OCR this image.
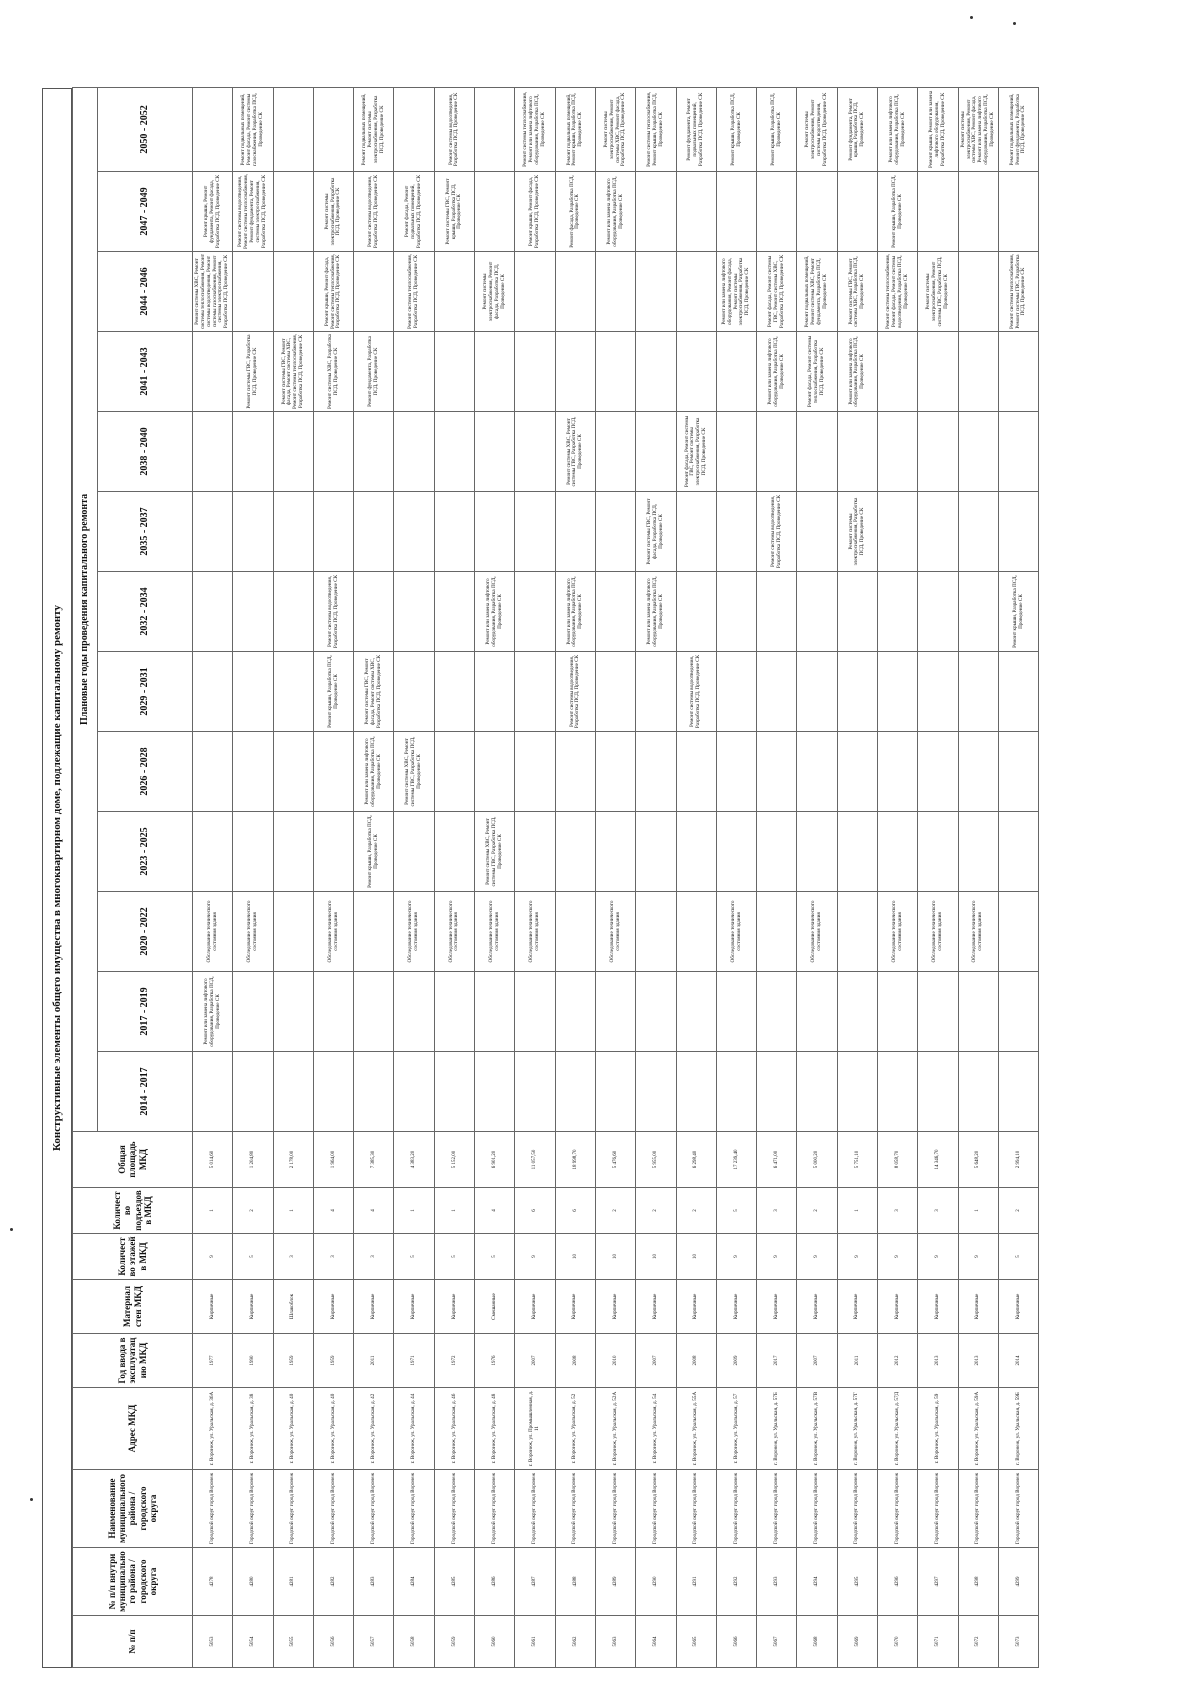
Конструктивные элементы общего имущества в многоквартирном доме, подлежащие капитальному ремонту
№ п/п	№ п/п внутри муниципального района / городского округа	Наименование муниципального района / городского округа	Адрес МКД	Год ввода в эксплуатацию МКД	Материал стен МКД	Количество этажей в МКД	Количество подъездов в МКД	Общая площадь МКД	Плановые годы проведения капитального ремонта												
									2014 - 2017	2017 - 2019	2020 - 2022	2023 - 2025	2026 - 2028	2029 - 2031	2032 - 2034	2035 - 2037	2038 - 2040	2041 - 2043	2044 - 2046	2047 - 2049	2050 - 2052
5053	4278	Городской округ город Воронеж	г. Воронеж, ул. Уральская, д. 36А	1977	Кирпичные	9	1	5 014,60		Ремонт или замена лифтового оборудования, Разработка ПСД, Проведение СК	Обследование технического состояния здания								Ремонт системы ХВС, Ремонт системы теплоснабжения, Ремонт системы водоотведения, Ремонт системы газоснабжения, Ремонт системы электроснабжения, Разработка ПСД, Проведение СК	Ремонт крыши, Ремонт фундамента, Ремонт фасада, Разработка ПСД, Проведение СК	
5054	4280	Городской округ город Воронеж	г. Воронеж, ул. Уральская, д. 38	1990	Кирпичные	5	2	1 204,80			Обследование технического состояния здания							Ремонт системы ГВС, Разработка ПСД, Проведение СК		Ремонт системы водоотведения, Ремонт системы теплоснабжения, Ремонт фундамента, Ремонт системы электроснабжения, Разработка ПСД, Проведение СК	Ремонт подвальных помещений, Ремонт фасада, Ремонт системы газоснабжения, Разработка ПСД, Проведение СК
5055	4281	Городской округ город Воронеж	г. Воронеж, ул. Уральская, д. 40	1959	Шлакоблок	3	1	2 178,00										Ремонт системы ГВС, Ремонт фасада, Ремонт системы ХВС, Ремонт системы теплоснабжения, Разработка ПСД, Проведение СК			
5056	4282	Городской округ город Воронеж	г. Воронеж, ул. Уральская, д. 40	1959	Кирпичные	3	4	1 964,00			Обследование технического состояния здания			Ремонт крыши, Разработка ПСД, Проведение СК	Ремонт системы водоотведения, Разработка ПСД, Проведение СК			Ремонт системы ХВС, Разработка ПСД, Проведение СК	Ремонт крыши, Ремонт фасада, Ремонт системы теплоснабжения, Разработка ПСД, Проведение СК	Ремонт системы электроснабжения, Разработка ПСД, Проведение СК	
5057	4283	Городской округ город Воронеж	г. Воронеж, ул. Уральская, д. 42	2011	Кирпичные	3	4	7 385,30				Ремонт крыши, Разработка ПСД, Проведение СК	Ремонт или замена лифтового оборудования, Разработка ПСД, Проведение СК	Ремонт системы ГВС, Ремонт фасада, Ремонт системы ХВС, Разработка ПСД, Проведение СК				Ремонт фундамента, Разработка ПСД, Проведение СК		Ремонт системы водоотведения, Разработка ПСД, Проведение СК	Ремонт подвальных помещений, Ремонт системы электроснабжения, Разработка ПСД, Проведение СК
5058	4284	Городской округ город Воронеж	г. Воронеж, ул. Уральская, д. 44	1971	Кирпичные	5	1	4 383,20			Обследование технического состояния здания		Ремонт системы ХВС, Ремонт системы ГВС, Разработка ПСД, Проведение СК						Ремонт системы теплоснабжения, Разработка ПСД, Проведение СК	Ремонт фасада, Ремонт подвальных помещений, Разработка ПСД, Проведение СК	
5059	4285	Городской округ город Воронеж	г. Воронеж, ул. Уральская, д. 46	1972	Кирпичные	5	1	5 152,00			Обследование технического состояния здания									Ремонт системы ГВС, Ремонт крыши, Разработка ПСД, Проведение СК	Ремонт системы водоотведения, Разработка ПСД, Проведение СК
5060	4286	Городской округ город Воронеж	г. Воронеж, ул. Уральская, д. 48	1976	Смешанные	5	4	6 901,20			Обследование технического состояния здания	Ремонт системы ХВС, Ремонт системы ГВС, Разработка ПСД, Проведение СК			Ремонт или замена лифтового оборудования, Разработка ПСД, Проведение СК				Ремонт системы электроснабжения, Ремонт фасада, Разработка ПСД, Проведение СК		
5061	4287	Городской округ город Воронеж	г. Воронеж, ул. Промышленная, д. 11	2007	Кирпичные	9	6	11 057,50			Обследование технического состояния здания									Ремонт крыши, Ремонт фасада, Разработка ПСД, Проведение СК	Ремонт системы теплоснабжения, Ремонт или замена лифтового оборудования, Разработка ПСД, Проведение СК
5062	4288	Городской округ город Воронеж	г. Воронеж, ул. Уральская, д. 52	2008	Кирпичные	10	6	18 998,70						Ремонт системы водоотведения, Разработка ПСД, Проведение СК	Ремонт или замена лифтового оборудования, Разработка ПСД, Проведение СК		Ремонт системы ХВС, Ремонт системы ГВС, Разработка ПСД, Проведение СК			Ремонт фасада, Разработка ПСД, Проведение СК	Ремонт подвальных помещений, Ремонт крыши, Разработка ПСД, Проведение СК
5063	4289	Городской округ город Воронеж	г. Воронеж, ул. Уральская, д. 52А	2010	Кирпичные	10	2	5 476,60			Обследование технического состояния здания									Ремонт или замена лифтового оборудования, Разработка ПСД, Проведение СК	Ремонт системы электроснабжения, Ремонт системы ХВС, Ремонт фасада, Разработка ПСД, Проведение СК
5064	4290	Городской округ город Воронеж	г. Воронеж, ул. Уральская, д. 54	2007	Кирпичные	10	2	5 955,00							Ремонт или замена лифтового оборудования, Разработка ПСД, Проведение СК	Ремонт системы ГВС, Ремонт фасада, Разработка ПСД, Проведение СК					Ремонт системы теплоснабжения, Ремонт крыши, Разработка ПСД, Проведение СК
5065	4291	Городской округ город Воронеж	г. Воронеж, ул. Уральская, д. 55А	2008	Кирпичные	10	2	6 298,40						Ремонт системы водоотведения, Разработка ПСД, Проведение СК			Ремонт фасада, Ремонт системы ГВС, Ремонт системы электроснабжения, Разработка ПСД, Проведение СК				Ремонт фундамента, Ремонт подвальных помещений, Разработка ПСД, Проведение СК
5066	4292	Городской округ город Воронеж	г. Воронеж, ул. Уральская, д. 57	2009	Кирпичные	9	5	17 239,40			Обследование технического состояния здания								Ремонт или замена лифтового оборудования, Ремонт фасада, Ремонт системы электроснабжения, Разработка ПСД, Проведение СК		Ремонт крыши, Разработка ПСД, Проведение СК
5067	4293	Городской округ город Воронеж	г. Воронеж, ул. Уральская, д. 57Б	2017	Кирпичные	9	3	6 471,00								Ремонт системы водоотведения, Разработка ПСД, Проведение СК		Ремонт или замена лифтового оборудования, Разработка ПСД, Проведение СК	Ремонт фасада, Ремонт системы ГВС, Ремонт системы ХВС, Разработка ПСД, Проведение СК		Ремонт крыши, Разработка ПСД, Проведение СК
5068	4294	Городской округ город Воронеж	г. Воронеж, ул. Уральская, д. 57В	2007	Кирпичные	9	2	5 000,20			Обследование технического состояния здания							Ремонт фасада, Ремонт системы теплоснабжения, Разработка ПСД, Проведение СК	Ремонт подвальных помещений, Ремонт системы ХВС, Ремонт фундамента, Разработка ПСД, Проведение СК		Ремонт системы электроснабжения, Ремонт системы водоотведения, Разработка ПСД, Проведение СК
5069	4295	Городской округ город Воронеж	г. Воронеж, ул. Уральская, д. 57Г	2011	Кирпичные	9	1	5 751,10								Ремонт системы электроснабжения, Разработка ПСД, Проведение СК		Ремонт или замена лифтового оборудования, Разработка ПСД, Проведение СК	Ремонт системы ГВС, Ремонт системы ХВС, Разработка ПСД, Проведение СК		Ремонт фундамента, Ремонт крыши, Разработка ПСД, Проведение СК
5070	4296	Городской округ город Воронеж	г. Воронеж, ул. Уральская, д. 57Д	2012	Кирпичные	9	3	8 058,70			Обследование технического состояния здания								Ремонт системы теплоснабжения, Ремонт фасада, Ремонт системы водоотведения, Разработка ПСД, Проведение СК	Ремонт крыши, Разработка ПСД, Проведение СК	Ремонт или замена лифтового оборудования, Разработка ПСД, Проведение СК
5071	4297	Городской округ город Воронеж	г. Воронеж, ул. Уральская, д. 59	2013	Кирпичные	9	3	14 346,70			Обследование технического состояния здания								Ремонт системы электроснабжения, Ремонт системы ГВС, Разработка ПСД, Проведение СК		Ремонт крыши, Ремонт или замена лифтового оборудования, Разработка ПСД, Проведение СК
5072	4298	Городской округ город Воронеж	г. Воронеж, ул. Уральская, д. 59А	2013	Кирпичные	9	1	5 648,20			Обследование технического состояния здания										Ремонт системы электроснабжения, Ремонт системы ХВС, Ремонт фасада, Ремонт или замена лифтового оборудования, Разработка ПСД, Проведение СК
5073	4299	Городской округ город Воронеж	г. Воронеж, ул. Уральская, д. 59Б	2014	Кирпичные	5	2	2 994,10							Ремонт крыши, Разработка ПСД, Проведение СК				Ремонт системы теплоснабжения, Ремонт системы ГВС, Разработка ПСД, Проведение СК		Ремонт подвальных помещений, Ремонт фундамента, Разработка ПСД, Проведение СК
